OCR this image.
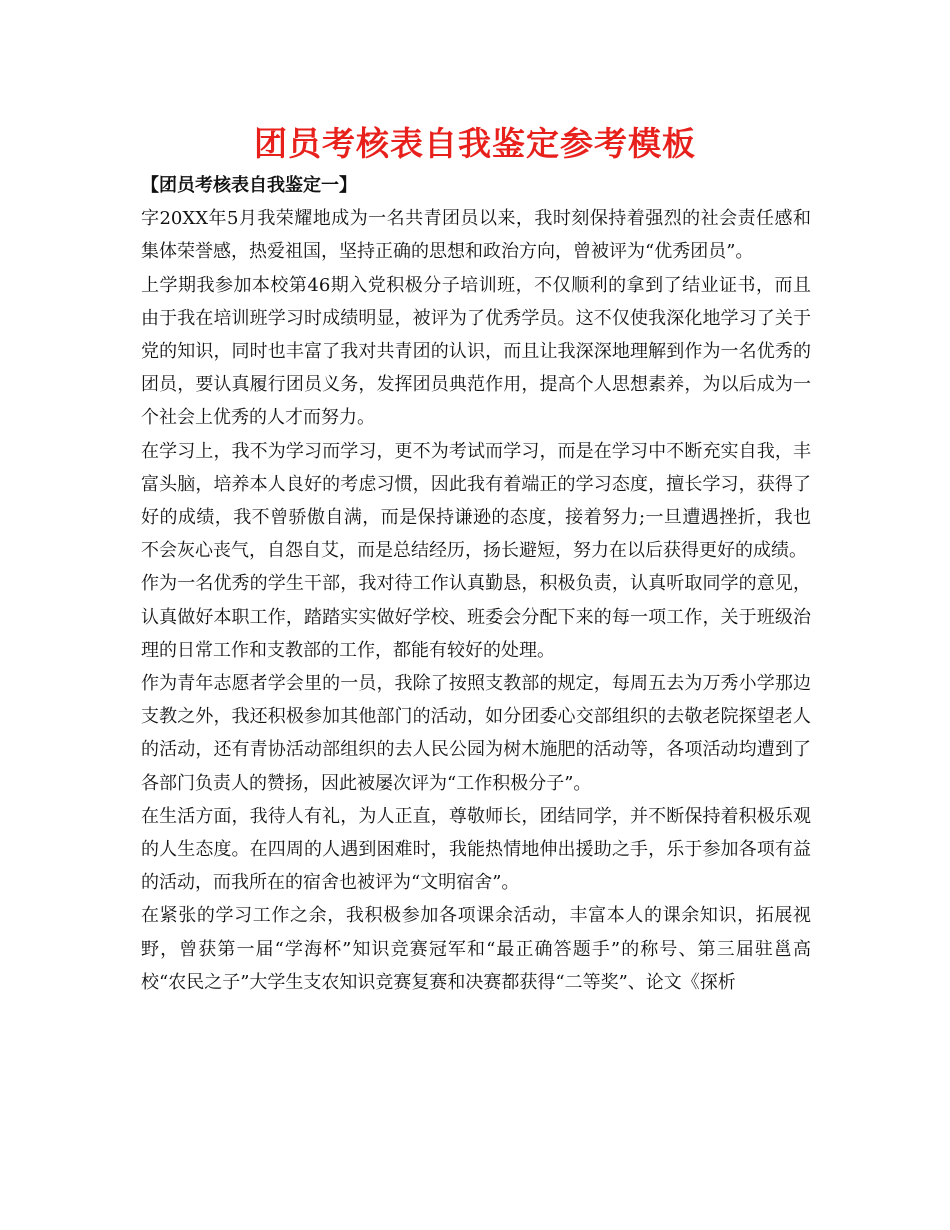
团员考核表自我鉴定参考模板

【团员考核表自我鉴定一】

字20XX年5月我荣耀地成为一名共青团员以来，我时刻保持着强烈的社会责任感和集体荣誉感，热爱祖国，坚持正确的思想和政治方向，曾被评为“优秀团员”。

上学期我参加本校第46期入党积极分子培训班，不仅顺利的拿到了结业证书，而且由于我在培训班学习时成绩明显，被评为了优秀学员。这不仅使我深化地学习了关于党的知识，同时也丰富了我对共青团的认识，而且让我深深地理解到作为一名优秀的团员，要认真履行团员义务，发挥团员典范作用，提高个人思想素养，为以后成为一个社会上优秀的人才而努力。

在学习上，我不为学习而学习，更不为考试而学习，而是在学习中不断充实自我，丰富头脑，培养本人良好的考虑习惯，因此我有着端正的学习态度，擅长学习，获得了好的成绩，我不曾骄傲自满，而是保持谦逊的态度，接着努力;一旦遭遇挫折，我也不会灰心丧气，自怨自艾，而是总结经历，扬长避短，努力在以后获得更好的成绩。

作为一名优秀的学生干部，我对待工作认真勤恳，积极负责，认真听取同学的意见，认真做好本职工作，踏踏实实做好学校、班委会分配下来的每一项工作，关于班级治理的日常工作和支教部的工作，都能有较好的处理。

作为青年志愿者学会里的一员，我除了按照支教部的规定，每周五去为万秀小学那边支教之外，我还积极参加其他部门的活动，如分团委心交部组织的去敬老院探望老人的活动，还有青协活动部组织的去人民公园为树木施肥的活动等，各项活动均遭到了各部门负责人的赞扬，因此被屡次评为“工作积极分子”。

在生活方面，我待人有礼，为人正直，尊敬师长，团结同学，并不断保持着积极乐观的人生态度。在四周的人遇到困难时，我能热情地伸出援助之手，乐于参加各项有益的活动，而我所在的宿舍也被评为“文明宿舍”。

在紧张的学习工作之余，我积极参加各项课余活动，丰富本人的课余知识，拓展视野，曾获第一届“学海杯”知识竞赛冠军和“最正确答题手”的称号、第三届驻邕高校“农民之子”大学生支农知识竞赛复赛和决赛都获得“二等奖”、论文《探析
